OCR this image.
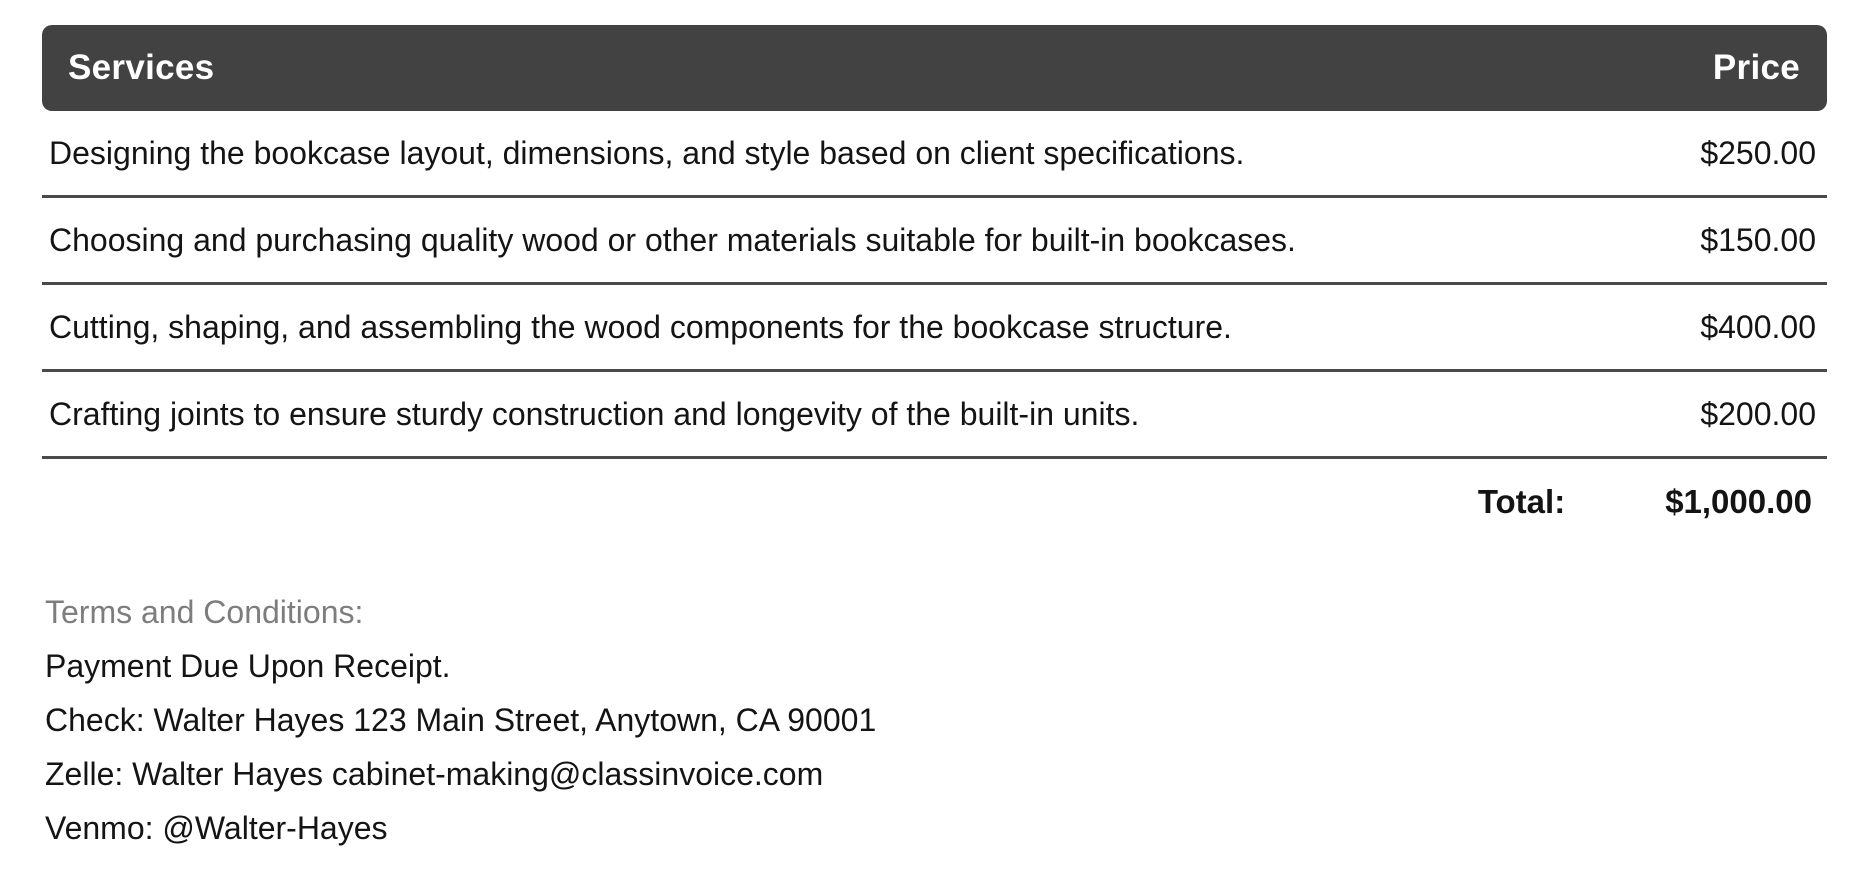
Services	Price
Designing the bookcase layout, dimensions, and style based on client specifications.	$250.00
Choosing and purchasing quality wood or other materials suitable for built-in bookcases.	$150.00
Cutting, shaping, and assembling the wood components for the bookcase structure.	$400.00
Crafting joints to ensure sturdy construction and longevity of the built-in units.	$200.00
Total:	$1,000.00
Terms and Conditions:
Payment Due Upon Receipt.
Check: Walter Hayes 123 Main Street, Anytown, CA 90001
Zelle: Walter Hayes cabinet-making@classinvoice.com
Venmo: @Walter-Hayes
